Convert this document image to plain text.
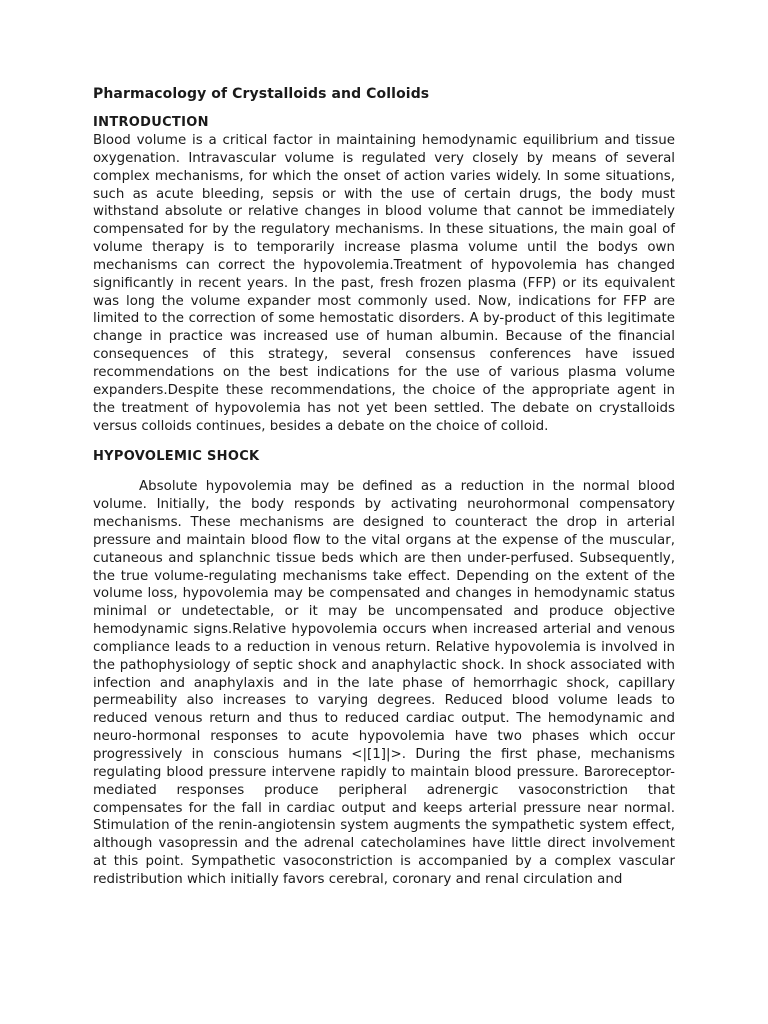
Pharmacology of Crystalloids and Colloids
INTRODUCTION

Blood volume is a critical factor in maintaining hemodynamic equilibrium and tissue oxygenation. Intravascular volume is regulated very closely by means of several complex mechanisms, for which the onset of action varies widely. In some situations, such as acute bleeding, sepsis or with the use of certain drugs, the body must withstand absolute or relative changes in blood volume that cannot be immediately compensated for by the regulatory mechanisms. In these situations, the main goal of volume therapy is to temporarily increase plasma volume until the bodys own mechanisms can correct the hypovolemia.Treatment of hypovolemia has changed significantly in recent years. In the past, fresh frozen plasma (FFP) or its equivalent was long the volume expander most commonly used. Now, indications for FFP are limited to the correction of some hemostatic disorders. A by-product of this legitimate change in practice was increased use of human albumin. Because of the financial consequences of this strategy, several consensus conferences have issued recommendations on the best indications for the use of various plasma volume expanders.Despite these recommendations, the choice of the appropriate agent in the treatment of hypovolemia has not yet been settled. The debate on crystalloids versus colloids continues, besides a debate on the choice of colloid.

HYPOVOLEMIC SHOCK

Absolute hypovolemia may be defined as a reduction in the normal blood volume. Initially, the body responds by activating neurohormonal compensatory mechanisms. These mechanisms are designed to counteract the drop in arterial pressure and maintain blood flow to the vital organs at the expense of the muscular, cutaneous and splanchnic tissue beds which are then under-perfused. Subsequently, the true volume-regulating mechanisms take effect. Depending on the extent of the volume loss, hypovolemia may be compensated and changes in hemodynamic status minimal or undetectable, or it may be uncompensated and produce objective hemodynamic signs.Relative hypovolemia occurs when increased arterial and venous compliance leads to a reduction in venous return. Relative hypovolemia is involved in the pathophysiology of septic shock and anaphylactic shock. In shock associated with infection and anaphylaxis and in the late phase of hemorrhagic shock, capillary permeability also increases to varying degrees. Reduced blood volume leads to reduced venous return and thus to reduced cardiac output. The hemodynamic and neuro-hormonal responses to acute hypovolemia have two phases which occur progressively in conscious humans <|[1]|>. During the first phase, mechanisms regulating blood pressure intervene rapidly to maintain blood pressure. Baroreceptor-mediated responses produce peripheral adrenergic vasoconstriction that compensates for the fall in cardiac output and keeps arterial pressure near normal. Stimulation of the renin-angiotensin system augments the sympathetic system effect, although vasopressin and the adrenal catecholamines have little direct involvement at this point. Sympathetic vasoconstriction is accompanied by a complex vascular redistribution which initially favors cerebral, coronary and renal circulation and
